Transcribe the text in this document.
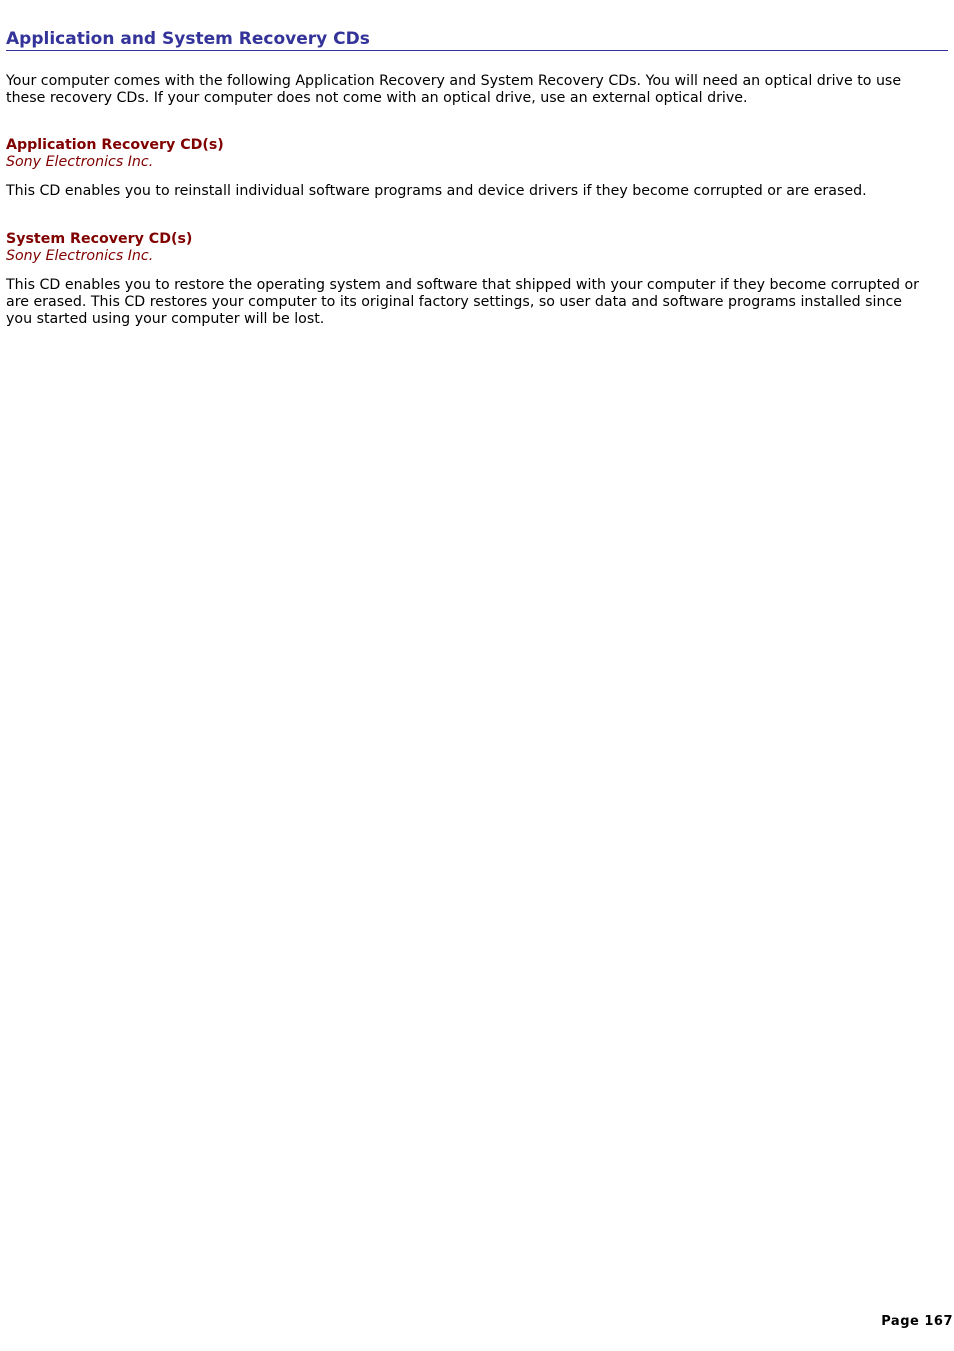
Application and System Recovery CDs

Your computer comes with the following Application Recovery and System Recovery CDs. You will need an optical drive to use these recovery CDs. If your computer does not come with an optical drive, use an external optical drive.

Application Recovery CD(s)

Sony Electronics Inc.

This CD enables you to reinstall individual software programs and device drivers if they become corrupted or are erased.

System Recovery CD(s)

Sony Electronics Inc.

This CD enables you to restore the operating system and software that shipped with your computer if they become corrupted or are erased. This CD restores your computer to its original factory settings, so user data and software programs installed since you started using your computer will be lost.

Page 167
